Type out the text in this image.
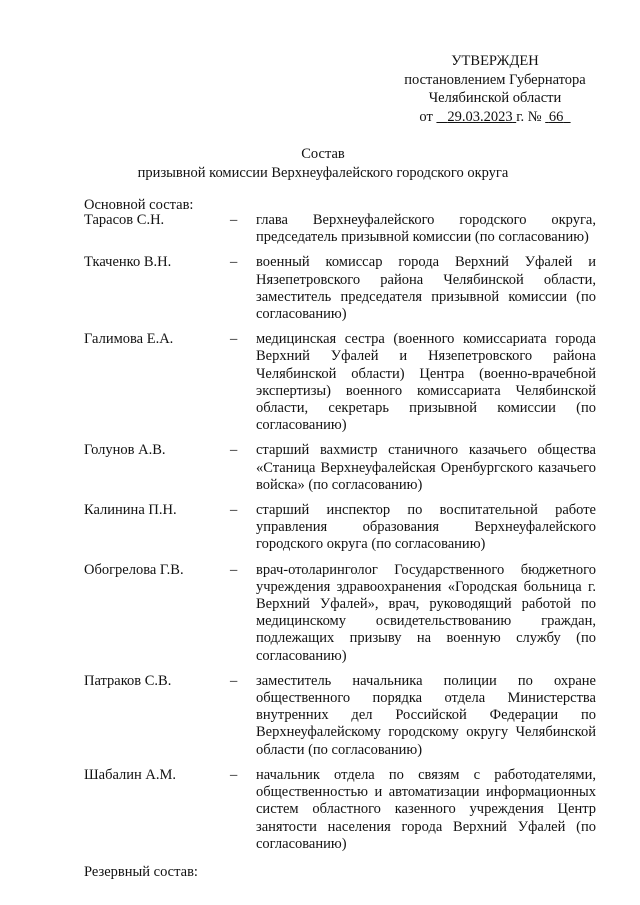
УТВЕРЖДЕН
постановлением Губернатора
Челябинской области
от 29.03.2023 г. № 66
Состав
призывной комиссии Верхнеуфалейского городского округа
Основной состав:
Тарасов С.Н.	–	глава Верхнеуфалейского городского округа, председатель призывной комиссии (по согласованию)
Ткаченко В.Н.	–	военный комиссар города Верхний Уфалей и Нязепетровского района Челябинской области, заместитель председателя призывной комиссии (по согласованию)
Галимова Е.А.	–	медицинская сестра (военного комиссариата города Верхний Уфалей и Нязепетровского района Челябинской области) Центра (военно-врачебной экспертизы) военного комиссариата Челябинской области, секретарь призывной комиссии (по согласованию)
Голунов А.В.	–	старший вахмистр станичного казачьего общества «Станица Верхнеуфалейская Оренбургского казачьего войска» (по согласованию)
Калинина П.Н.	–	старший инспектор по воспитательной работе управления образования Верхнеуфалейского городского округа (по согласованию)
Обогрелова Г.В.	–	врач-отоларинголог Государственного бюджетного учреждения здравоохранения «Городская больница г. Верхний Уфалей», врач, руководящий работой по медицинскому освидетельствованию граждан, подлежащих призыву на военную службу (по согласованию)
Патраков С.В.	–	заместитель начальника полиции по охране общественного порядка отдела Министерства внутренних дел Российской Федерации по Верхнеуфалейскому городскому округу Челябинской области (по согласованию)
Шабалин А.М.	–	начальник отдела по связям с работодателями, общественностью и автоматизации информационных систем областного казенного учреждения Центр занятости населения города Верхний Уфалей (по согласованию)
Резервный состав:
